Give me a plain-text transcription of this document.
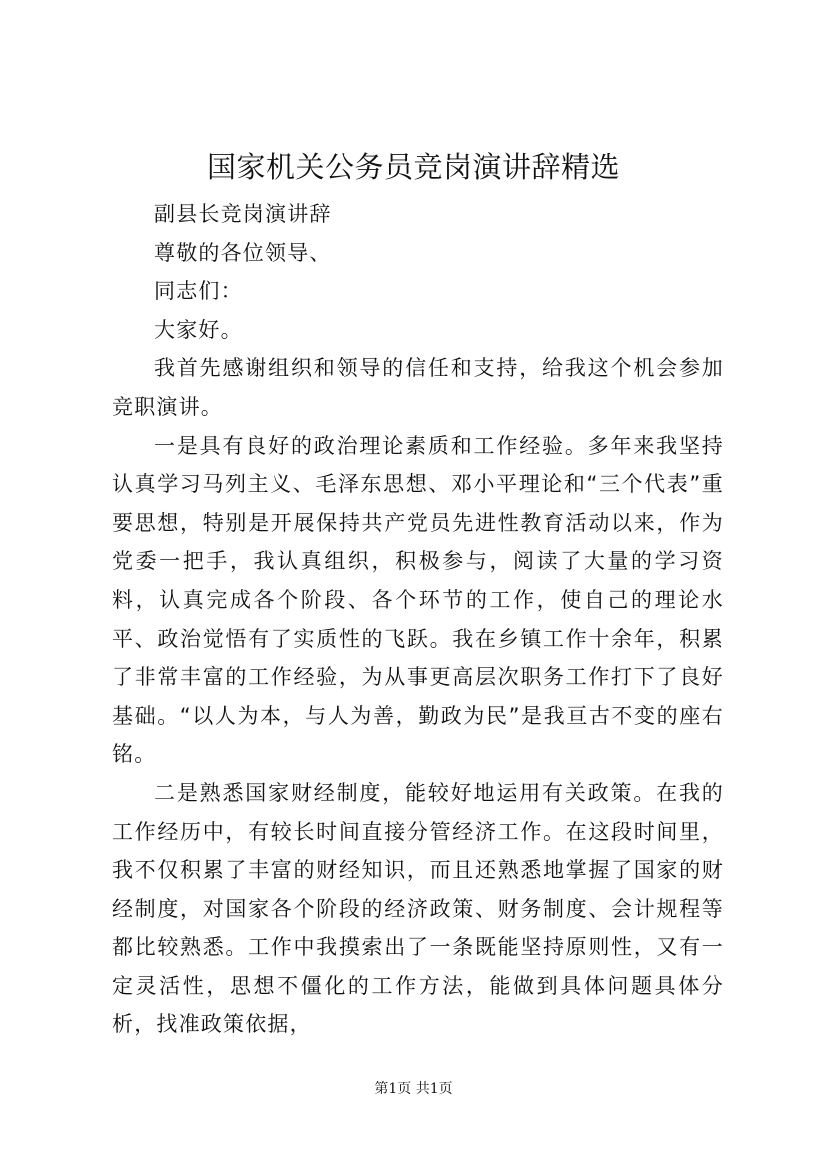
国家机关公务员竞岗演讲辞精选

副县长竞岗演讲辞

尊敬的各位领导、

同志们：

大家好。

我首先感谢组织和领导的信任和支持，给我这个机会参加竞职演讲。

一是具有良好的政治理论素质和工作经验。多年来我坚持认真学习马列主义、毛泽东思想、邓小平理论和“三个代表”重要思想，特别是开展保持共产党员先进性教育活动以来，作为党委一把手，我认真组织，积极参与，阅读了大量的学习资料，认真完成各个阶段、各个环节的工作，使自己的理论水平、政治觉悟有了实质性的飞跃。我在乡镇工作十余年，积累了非常丰富的工作经验，为从事更高层次职务工作打下了良好基础。“以人为本，与人为善，勤政为民”是我亘古不变的座右铭。

二是熟悉国家财经制度，能较好地运用有关政策。在我的工作经历中，有较长时间直接分管经济工作。在这段时间里，我不仅积累了丰富的财经知识，而且还熟悉地掌握了国家的财经制度，对国家各个阶段的经济政策、财务制度、会计规程等都比较熟悉。工作中我摸索出了一条既能坚持原则性，又有一定灵活性，思想不僵化的工作方法，能做到具体问题具体分析，找准政策依据，

第1页 共1页
